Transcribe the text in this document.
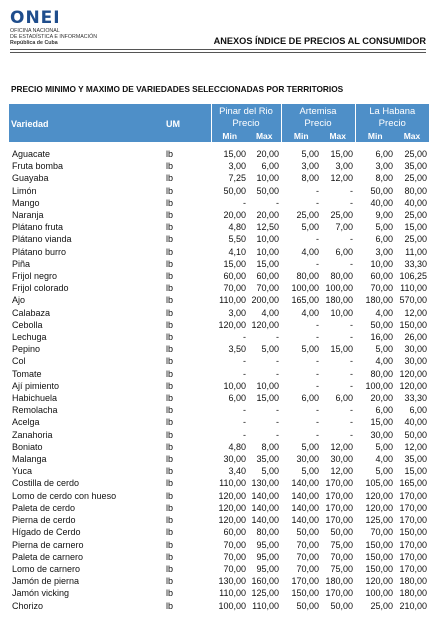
ONEI
OFICINA NACIONAL
DE ESTADÍSTICA E INFORMACIÓN
República de Cuba	ANEXOS ÍNDICE DE PRECIOS AL CONSUMIDOR
PRECIO MINIMO Y MAXIMO DE VARIEDADES SELECCIONADAS POR TERRITORIOS
		Pinar del Rio		Artemisa		La Habana	
Variedad	UM	Precio		Precio		Precio	
		Min	Max	Min	Max	Min	Max

Aguacate	lb	15,00	20,00	5,00	15,00	6,00	25,00
Fruta bomba	lb	3,00	6,00	3,00	3,00	3,00	35,00
Guayaba	lb	7,25	10,00	8,00	12,00	8,00	25,00
Limón	lb	50,00	50,00	-	-	50,00	80,00
Mango	lb	-	-	-	-	40,00	40,00
Naranja	lb	20,00	20,00	25,00	25,00	9,00	25,00
Plátano fruta	lb	4,80	12,50	5,00	7,00	5,00	15,00
Plátano vianda	lb	5,50	10,00	-	-	6,00	25,00
Plátano burro	lb	4,10	10,00	4,00	6,00	3,00	11,00
Piña	lb	15,00	15,00	-	-	10,00	33,30
Frijol negro	lb	60,00	60,00	80,00	80,00	60,00	106,25
Frijol colorado	lb	70,00	70,00	100,00	100,00	70,00	110,00
Ajo	lb	110,00	200,00	165,00	180,00	180,00	570,00
Calabaza	lb	3,00	4,00	4,00	10,00	4,00	12,00
Cebolla	lb	120,00	120,00	-	-	50,00	150,00
Lechuga	lb	-	-	-	-	16,00	26,00
Pepino	lb	3,50	5,00	5,00	15,00	5,00	30,00
Col	lb	-	-	-	-	4,00	30,00
Tomate	lb	-	-	-	-	80,00	120,00
Ají pimiento	lb	10,00	10,00	-	-	100,00	120,00
Habichuela	lb	6,00	15,00	6,00	6,00	20,00	33,30
Remolacha	lb	-	-	-	-	6,00	6,00
Acelga	lb	-	-	-	-	15,00	40,00
Zanahoria	lb	-	-	-	-	30,00	50,00
Boniato	lb	4,80	8,00	5,00	12,00	5,00	12,00
Malanga	lb	30,00	35,00	30,00	30,00	4,00	35,00
Yuca	lb	3,40	5,00	5,00	12,00	5,00	15,00
Costilla de cerdo	lb	110,00	130,00	140,00	170,00	105,00	165,00
Lomo de cerdo con hueso	lb	120,00	140,00	140,00	170,00	120,00	170,00
Paleta de cerdo	lb	120,00	140,00	140,00	170,00	120,00	170,00
Pierna de cerdo	lb	120,00	140,00	140,00	170,00	125,00	170,00
Hígado de Cerdo	lb	60,00	80,00	50,00	50,00	70,00	150,00
Pierna de carnero	lb	70,00	95,00	70,00	75,00	150,00	170,00
Paleta de carnero	lb	70,00	95,00	70,00	70,00	150,00	170,00
Lomo de carnero	lb	70,00	95,00	70,00	75,00	150,00	170,00
Jamón de pierna	lb	130,00	160,00	170,00	180,00	120,00	180,00
Jamón vicking	lb	110,00	125,00	150,00	170,00	100,00	180,00
Chorizo	lb	100,00	110,00	50,00	50,00	25,00	210,00
